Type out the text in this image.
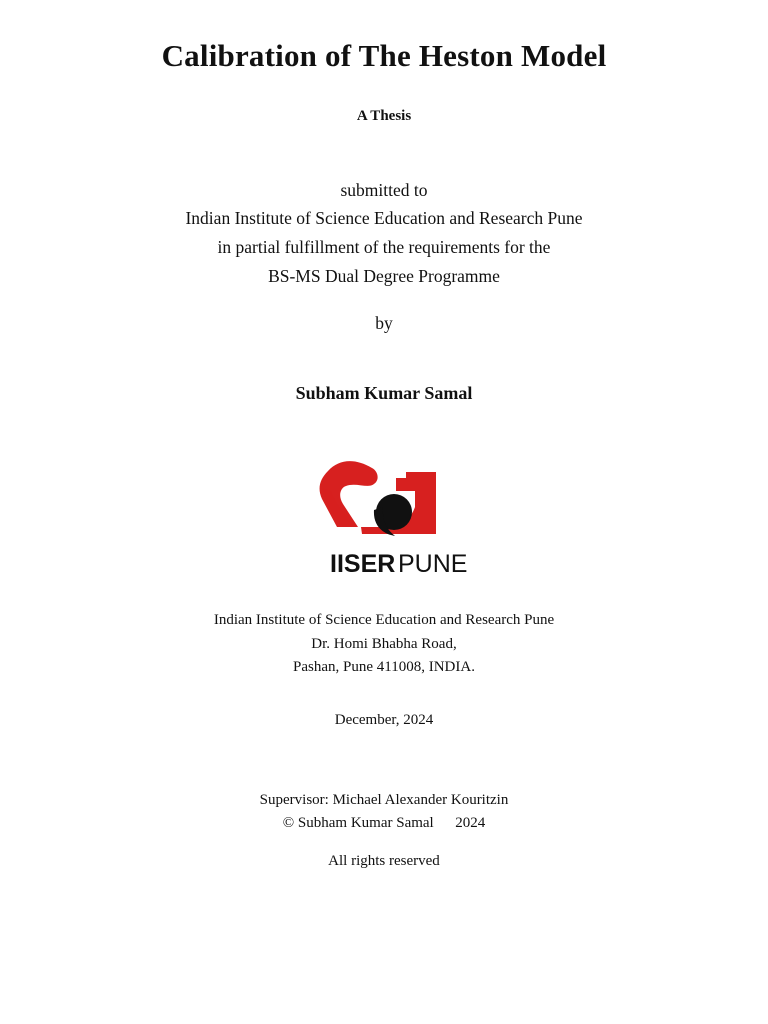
Calibration of The Heston Model
A Thesis
submitted to
Indian Institute of Science Education and Research Pune
in partial fulfillment of the requirements for the
BS-MS Dual Degree Programme
by
Subham Kumar Samal
IISER PUNE
Indian Institute of Science Education and Research Pune
Dr. Homi Bhabha Road,
Pashan, Pune 411008, INDIA.
December, 2024
Supervisor: Michael Alexander Kouritzin
© Subham Kumar Samal 2024
All rights reserved
